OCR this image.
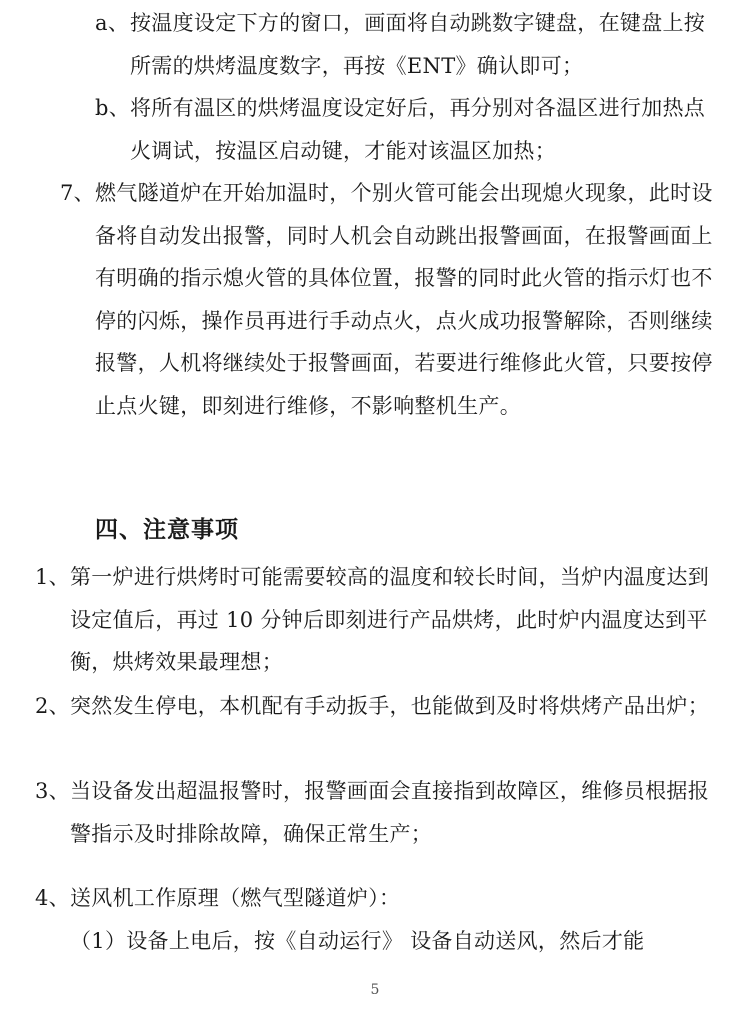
a、 按温度设定下方的窗口，画面将自动跳数字键盘，在键盘上按所需的烘烤温度数字，再按《ENT》确认即可；
b、 将所有温区的烘烤温度设定好后，再分别对各温区进行加热点火调试，按温区启动键，才能对该温区加热；
7、 燃气隧道炉在开始加温时，个别火管可能会出现熄火现象，此时设备将自动发出报警，同时人机会自动跳出报警画面，在报警画面上有明确的指示熄火管的具体位置，报警的同时此火管的指示灯也不停的闪烁，操作员再进行手动点火，点火成功报警解除，否则继续报警，人机将继续处于报警画面，若要进行维修此火管，只要按停止点火键，即刻进行维修，不影响整机生产。
四、注意事项
1、 第一炉进行烘烤时可能需要较高的温度和较长时间，当炉内温度达到设定值后，再过 10 分钟后即刻进行产品烘烤，此时炉内温度达到平衡，烘烤效果最理想；
2、 突然发生停电，本机配有手动扳手，也能做到及时将烘烤产品出炉；
3、 当设备发出超温报警时，报警画面会直接指到故障区，维修员根据报警指示及时排除故障，确保正常生产；
4、 送风机工作原理（燃气型隧道炉）：

（1）设备上电后，按《自动运行》 设备自动送风，然后才能

5
